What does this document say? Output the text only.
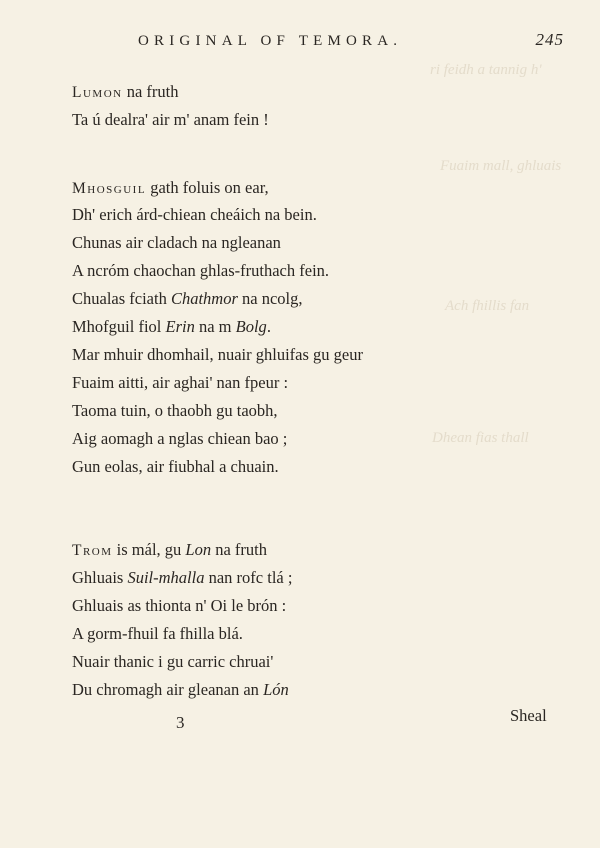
ri feidh a tannig h'
Fuaim mall, ghluais
Ach fhillis fan
Dhean fias thall
ORIGINAL OF TEMORA.	245
Lumon na fruth
Ta ú dealra' air m' anam fein !
Mhosguil gath foluis on ear,
Dh' erich árd-chiean cheáich na bein.
Chunas air cladach na ngleanan
A ncróm chaochan ghlas-fruthach fein.
Chualas fciath Chathmor na ncolg,
Mhofguil fiol Erin na m Bolg.
Mar mhuir dhomhail, nuair ghluifas gu geur
Fuaim aitti, air aghai' nan fpeur :
Taoma tuin, o thaobh gu taobh,
Aig aomagh a nglas chiean bao ;
Gun eolas, air fiubhal a chuain.
Trom is mál, gu Lon na fruth
Ghluais Suil-mhalla nan rofc tlá ;
Ghluais as thionta n' Oi le brón :
A gorm-fhuil fa fhilla blá.
Nuair thanic i gu carric chruai'
Du chromagh air gleanan an Lón
3	Sheal
